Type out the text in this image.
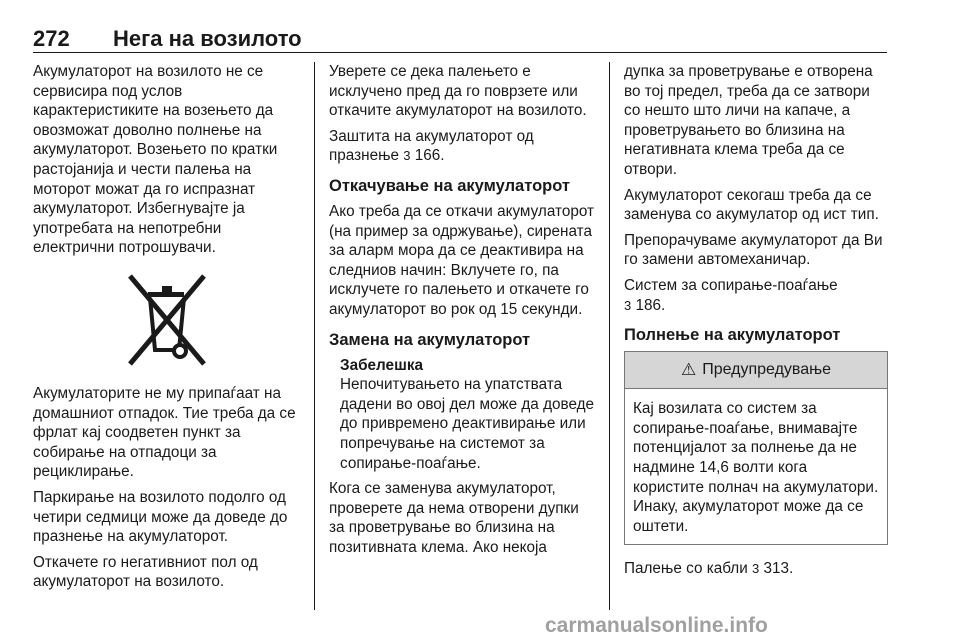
272 Нега на возилото

Акумулаторот на возилото не се сервисира под услов карактеристиките на возењето да овозможат доволно полнење на акумулаторот. Возењето по кратки растојанија и чести палења на моторот можат да го испразнат акумулаторот. Избегнувајте ја употребата на непотребни електрични потрошувачи.

Акумулаторите не му припаѓаат на домашниот отпадок. Тие треба да се фрлат кај соодветен пункт за собирање на отпадоци за рециклирање.

Паркирање на возилото подолго од четири седмици може да доведе до празнење на акумулаторот.

Откачете го негативниот пол од акумулаторот на возилото.

Уверете се дека палењето е исклучено пред да го поврзете или откачите акумулаторот на возилото.

Заштита на акумулаторот од празнење 3 166.

Откачување на акумулаторот

Ако треба да се откачи акумулаторот (на пример за одржување), сирената за аларм мора да се деактивира на следниов начин: Вклучете го, па исклучете го палењето и откачете го акумулаторот во рок од 15 секунди.

Замена на акумулаторот
Забелешка

Непочитувањето на упатствата дадени во овој дел може да доведе до привремено деактивирање или попречување на системот за сопирање-поаѓање.

Кога се заменува акумулаторот, проверете да нема отворени дупки за проветрување во близина на позитивната клема. Ако некоја

дупка за проветрување е отворена во тој предел, треба да се затвори со нешто што личи на капаче, а проветрувањето во близина на негативната клема треба да се отвори.

Акумулаторот секогаш треба да се заменува со акумулатор од ист тип.

Препорачуваме акумулаторот да Ви го замени автомеханичар.

Систем за сопирање-поаѓање
3 186.

Полнење на акумулаторот
⚠ Предупредување
Кај возилата со систем за сопирање-поаѓање, внимавајте потенцијалот за полнење да не надмине 14,6 волти кога користите полнач на акумулатори. Инаку, акумулаторот може да се оштети.

Палење со кабли 3 313.

carmanualsonline.info
